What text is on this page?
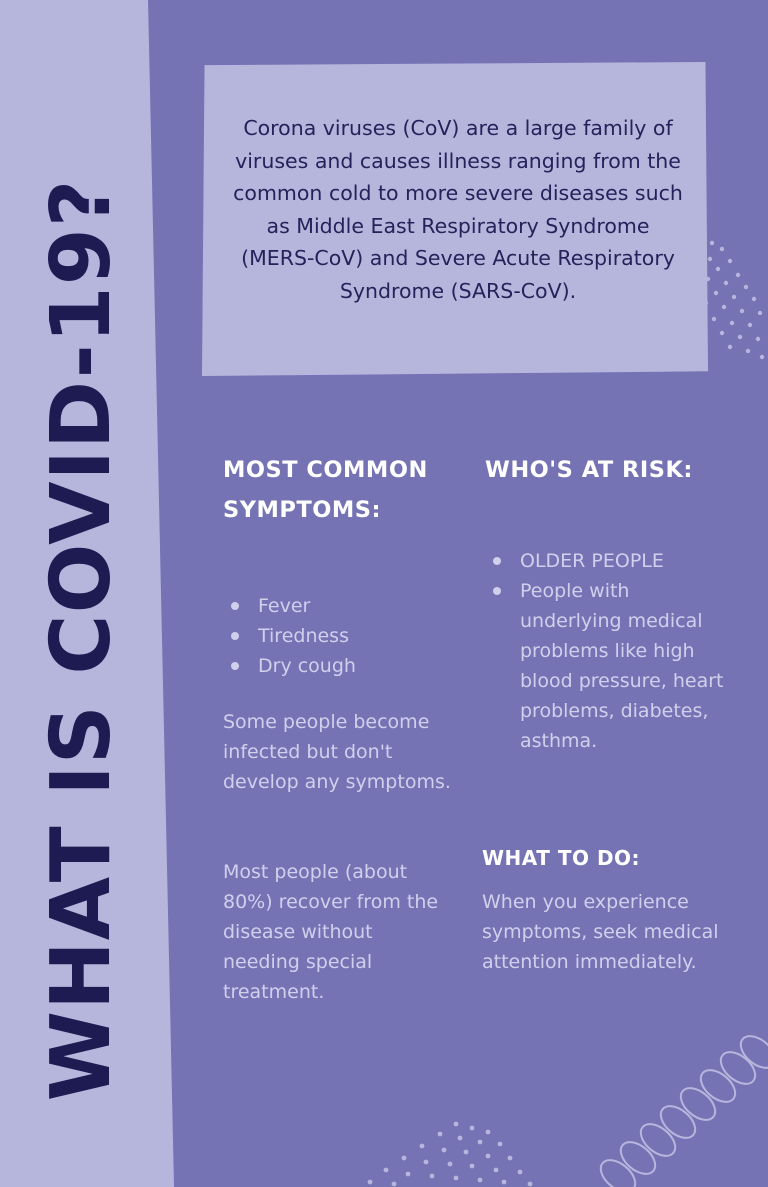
WHAT IS COVID-19?

Corona viruses (CoV) are a large family of viruses and causes illness ranging from the common cold to more severe diseases such as Middle East Respiratory Syndrome (MERS-CoV) and Severe Acute Respiratory Syndrome (SARS-CoV).

MOST COMMON SYMPTOMS:
Fever
Tiredness
Dry cough

Some people become infected but don't develop any symptoms.

Most people (about 80%) recover from the disease without needing special treatment.

WHO'S AT RISK:
OLDER PEOPLE
People with underlying medical problems like high blood pressure, heart problems, diabetes, asthma.
WHAT TO DO:

When you experience symptoms, seek medical attention immediately.
